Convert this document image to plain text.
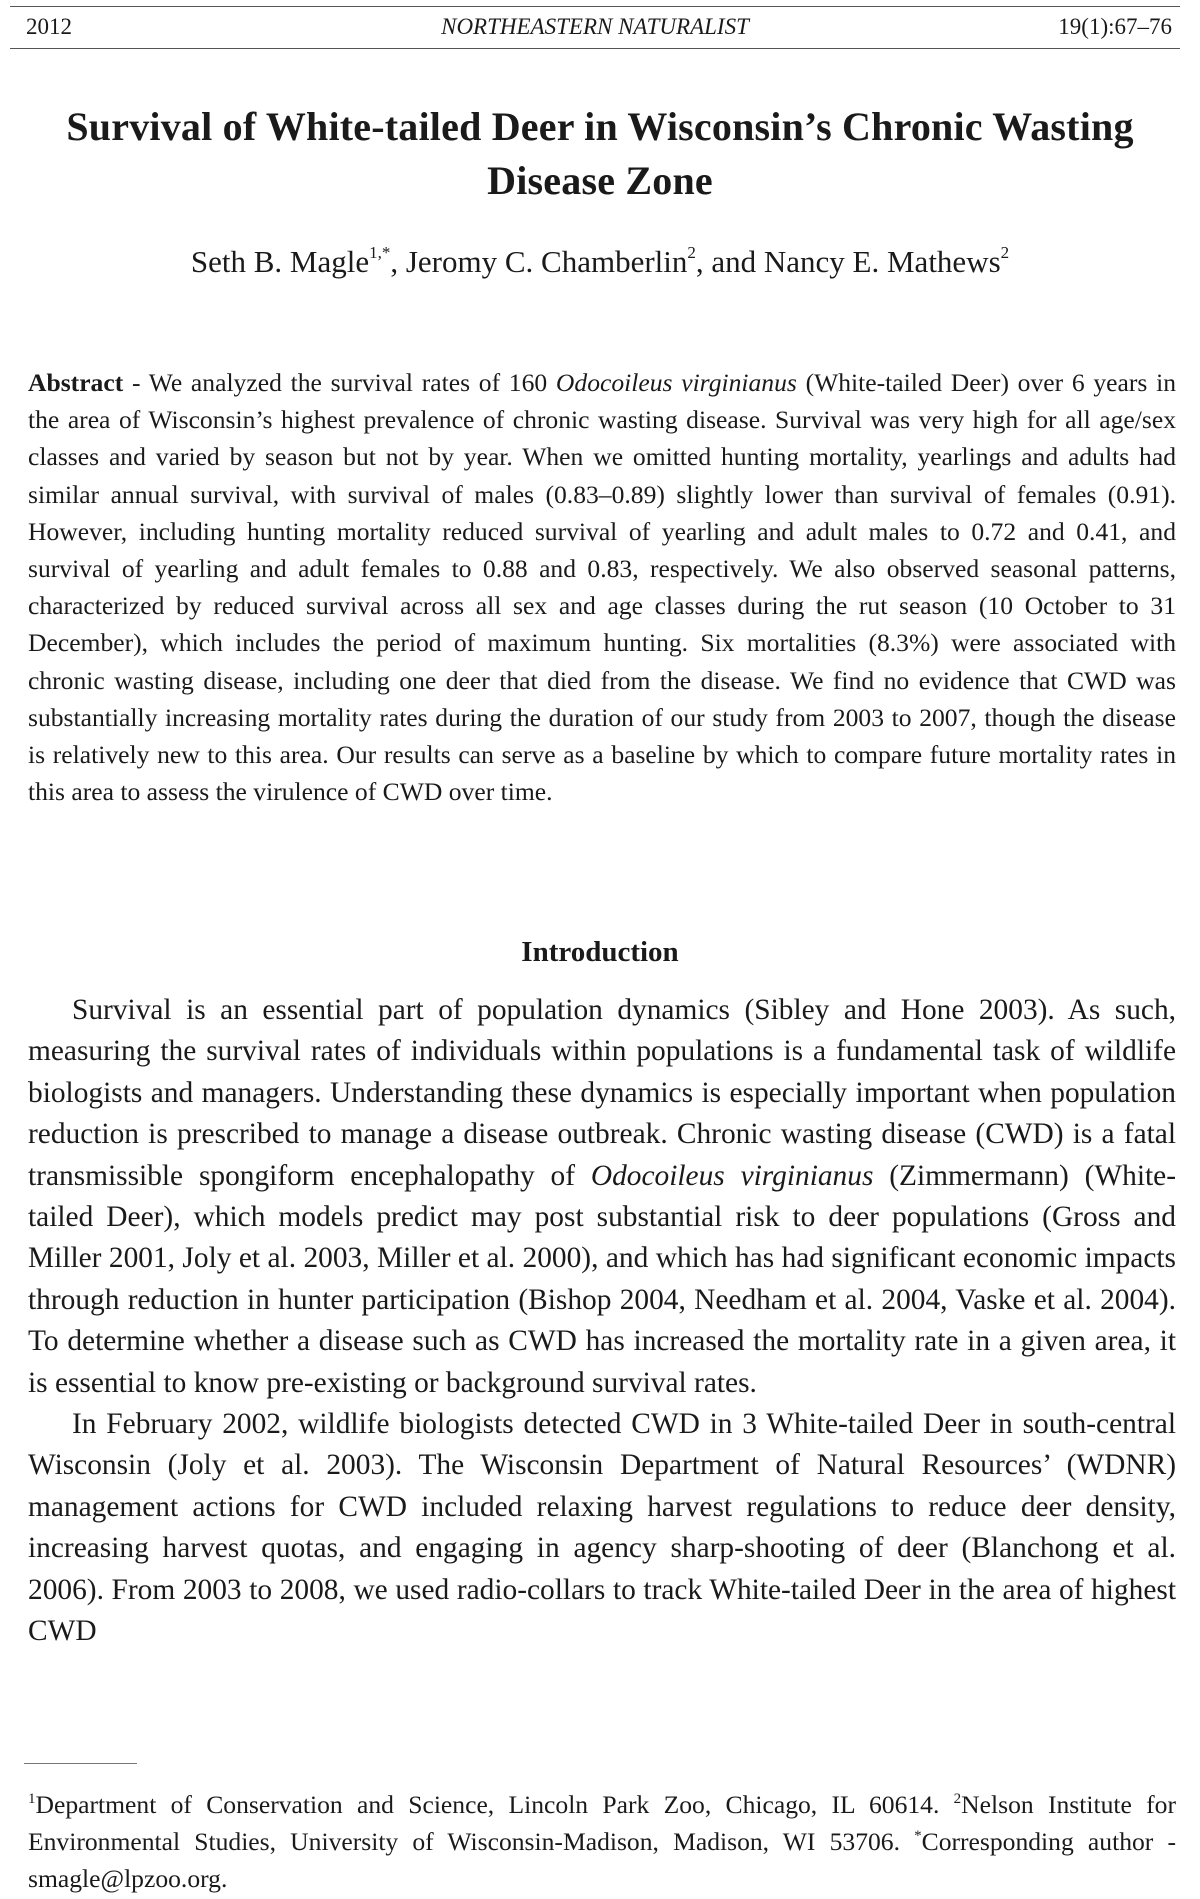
2012	NORTHEASTERN NATURALIST	19(1):67–76
Survival of White-tailed Deer in Wisconsin’s Chronic Wasting Disease Zone
Seth B. Magle$^{1,*}$, Jeromy C. Chamberlin$^2$, and Nancy E. Mathews$^2$
Abstract - We analyzed the survival rates of 160 Odocoileus virginianus (White-tailed Deer) over 6 years in the area of Wisconsin’s highest prevalence of chronic wasting disease. Survival was very high for all age/sex classes and varied by season but not by year. When we omitted hunting mortality, yearlings and adults had similar annual survival, with survival of males (0.83–0.89) slightly lower than survival of females (0.91). However, including hunting mortality reduced survival of yearling and adult males to 0.72 and 0.41, and survival of yearling and adult females to 0.88 and 0.83, respectively. We also observed seasonal patterns, characterized by reduced survival across all sex and age classes during the rut season (10 October to 31 December), which includes the period of maximum hunting. Six mortalities (8.3%) were associated with chronic wasting disease, including one deer that died from the disease. We find no evidence that CWD was substantially increasing mortality rates during the duration of our study from 2003 to 2007, though the disease is relatively new to this area. Our results can serve as a baseline by which to compare future mortality rates in this area to assess the virulence of CWD over time.
Introduction

Survival is an essential part of population dynamics (Sibley and Hone 2003). As such, measuring the survival rates of individuals within populations is a fundamental task of wildlife biologists and managers. Understanding these dynamics is especially important when population reduction is prescribed to manage a disease outbreak. Chronic wasting disease (CWD) is a fatal transmissible spongiform encephalopathy of Odocoileus virginianus (Zimmermann) (White-tailed Deer), which models predict may post substantial risk to deer populations (Gross and Miller 2001, Joly et al. 2003, Miller et al. 2000), and which has had significant economic impacts through reduction in hunter participation (Bishop 2004, Needham et al. 2004, Vaske et al. 2004). To determine whether a disease such as CWD has increased the mortality rate in a given area, it is essential to know pre-existing or background survival rates.

In February 2002, wildlife biologists detected CWD in 3 White-tailed Deer in south-central Wisconsin (Joly et al. 2003). The Wisconsin Department of Natural Resources’ (WDNR) management actions for CWD included relaxing harvest regulations to reduce deer density, increasing harvest quotas, and engaging in agency sharp-shooting of deer (Blanchong et al. 2006). From 2003 to 2008, we used radio-collars to track White-tailed Deer in the area of highest CWD

$^1$Department of Conservation and Science, Lincoln Park Zoo, Chicago, IL 60614. $^2$Nelson Institute for Environmental Studies, University of Wisconsin-Madison, Madison, WI 53706. *Corresponding author - smagle@lpzoo.org.
